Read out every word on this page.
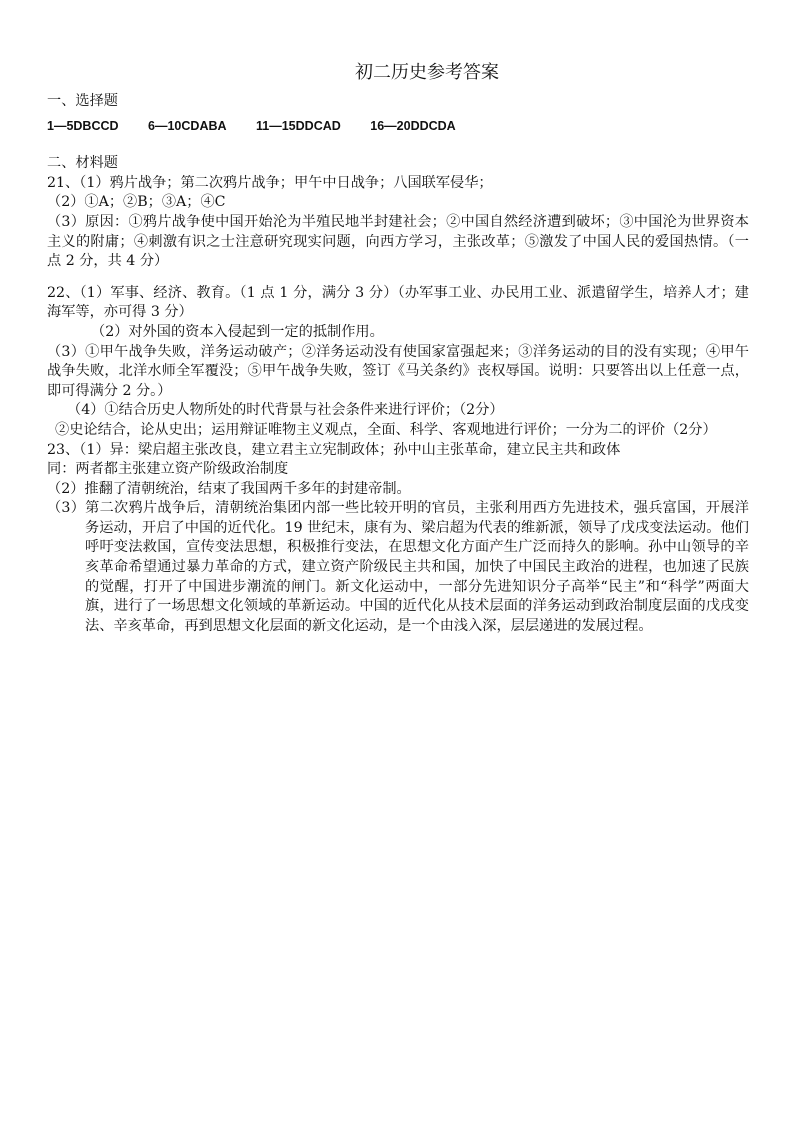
初二历史参考答案
一、选择题
1—5DBCCD 6—10CDABA 11—15DDCAD 16—20DDCDA
二、材料题
21、（1）鸦片战争；第二次鸦片战争；甲午中日战争；八国联军侵华；
（2）①A；②B；③A；④C
（3）原因：①鸦片战争使中国开始沦为半殖民地半封建社会；②中国自然经济遭到破坏；③中国沦为世界资本主义的附庸；④刺激有识之士注意研究现实问题，向西方学习，主张改革；⑤激发了中国人民的爱国热情。（一点 2 分，共 4 分）
22、（1）军事、经济、教育。（1 点 1 分，满分 3 分）（办军事工业、办民用工业、派遣留学生，培养人才；建海军等，亦可得 3 分）
（2）对外国的资本入侵起到一定的抵制作用。
（3）①甲午战争失败，洋务运动破产；②洋务运动没有使国家富强起来；③洋务运动的目的没有实现；④甲午战争失败，北洋水师全军覆没；⑤甲午战争失败，签订《马关条约》丧权辱国。说明：只要答出以上任意一点，即可得满分 2 分。）
（4）①结合历史人物所处的时代背景与社会条件来进行评价；（2分）
②史论结合，论从史出；运用辩证唯物主义观点，全面、科学、客观地进行评价；一分为二的评价（2分）
23、（1）异：梁启超主张改良，建立君主立宪制政体；孙中山主张革命，建立民主共和政体
同：两者都主张建立资产阶级政治制度
（2）推翻了清朝统治，结束了我国两千多年的封建帝制。
（3）第二次鸦片战争后，清朝统治集团内部一些比较开明的官员，主张利用西方先进技术，强兵富国，开展洋务运动，开启了中国的近代化。19 世纪末，康有为、梁启超为代表的维新派，领导了戊戌变法运动。他们呼吁变法救国，宣传变法思想，积极推行变法，在思想文化方面产生广泛而持久的影响。孙中山领导的辛亥革命希望通过暴力革命的方式，建立资产阶级民主共和国，加快了中国民主政治的进程，也加速了民族的觉醒，打开了中国进步潮流的闸门。新文化运动中，一部分先进知识分子高举“民主”和“科学”两面大旗，进行了一场思想文化领域的革新运动。中国的近代化从技术层面的洋务运动到政治制度层面的戊戌变法、辛亥革命，再到思想文化层面的新文化运动，是一个由浅入深，层层递进的发展过程。
